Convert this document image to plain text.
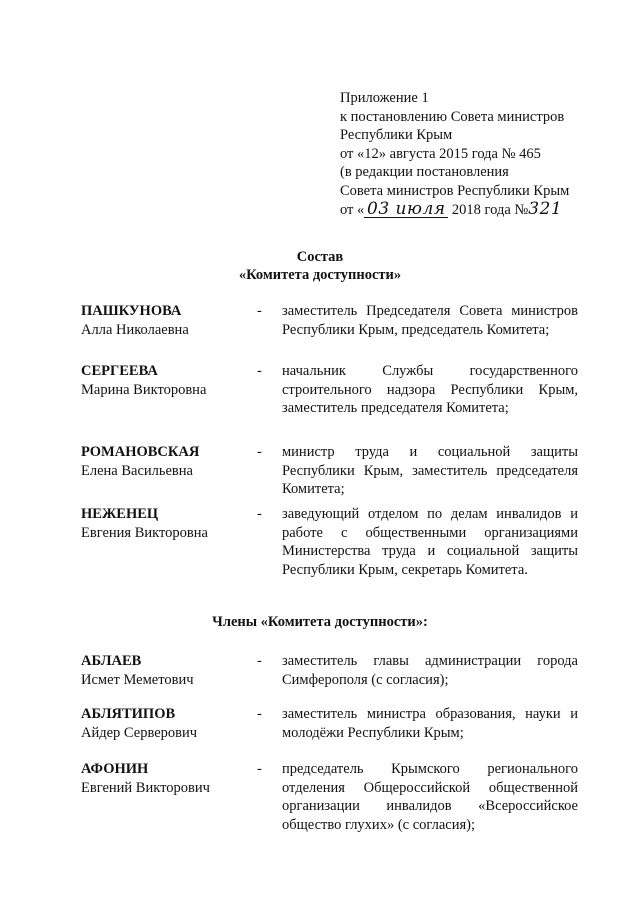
Приложение 1
к постановлению Совета министров
Республики Крым
от «12» августа 2015 года № 465
(в редакции постановления
Совета министров Республики Крым
от « 03 июля 2018 года №321
Состав
«Комитета доступности»
ПАШКУНОВА
Алла Николаевна
- заместитель Председателя Совета министров Республики Крым, председатель Комитета;
СЕРГЕЕВА
Марина Викторовна
- начальник Службы государственного строительного надзора Республики Крым, заместитель председателя Комитета;
РОМАНОВСКАЯ
Елена Васильевна
- министр труда и социальной защиты Республики Крым, заместитель председателя Комитета;
НЕЖЕНЕЦ
Евгения Викторовна
- заведующий отделом по делам инвалидов и работе с общественными организациями Министерства труда и социальной защиты Республики Крым, секретарь Комитета.
Члены «Комитета доступности»:
АБЛАЕВ
Исмет Меметович
- заместитель главы администрации города Симферополя (с согласия);
АБЛЯТИПОВ
Айдер Серверович
- заместитель министра образования, науки и молодёжи Республики Крым;
АФОНИН
Евгений Викторович
- председатель Крымского регионального отделения Общероссийской общественной организации инвалидов «Всероссийское общество глухих» (с согласия);
